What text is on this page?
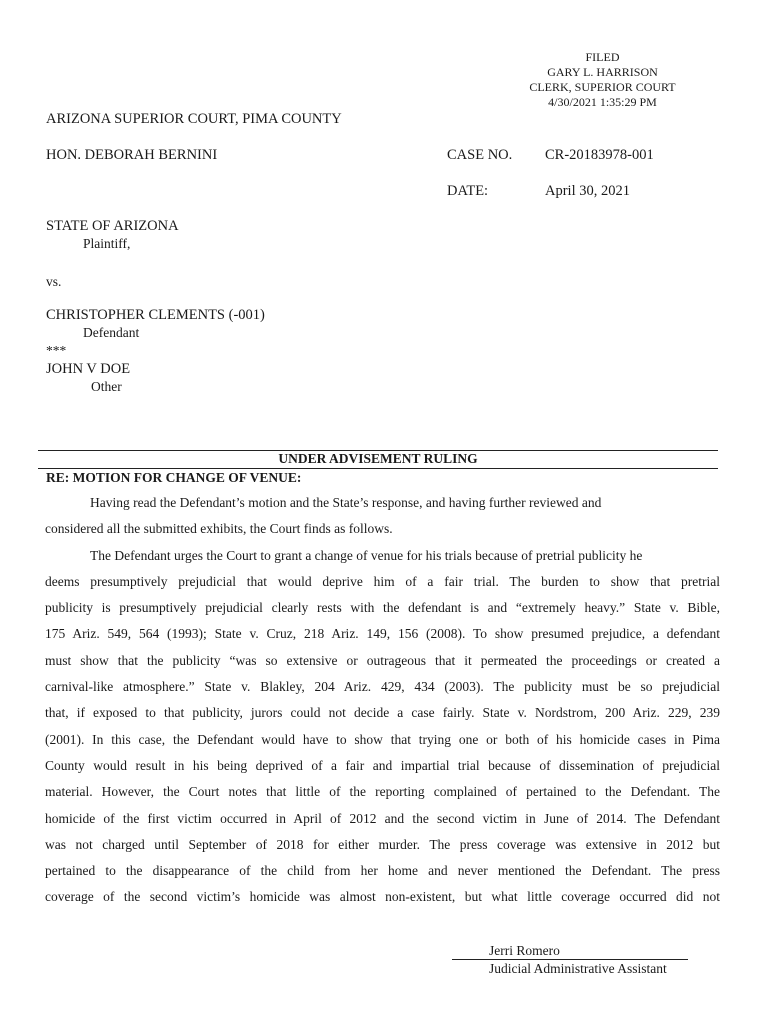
FILED
GARY L. HARRISON
CLERK, SUPERIOR COURT
4/30/2021 1:35:29 PM
ARIZONA SUPERIOR COURT, PIMA COUNTY
HON. DEBORAH BERNINI	CASE NO. CR-20183978-001
DATE:	April 30, 2021
STATE OF ARIZONA
Plaintiff,
vs.
CHRISTOPHER CLEMENTS (-001)
Defendant
***
JOHN V DOE
Other
UNDER ADVISEMENT RULING
RE: MOTION FOR CHANGE OF VENUE:
Having read the Defendant’s motion and the State’s response, and having further reviewed and
considered all the submitted exhibits, the Court finds as follows.
The Defendant urges the Court to grant a change of venue for his trials because of pretrial publicity he
deems presumptively prejudicial that would deprive him of a fair trial. The burden to show that pretrial
publicity is presumptively prejudicial clearly rests with the defendant is and “extremely heavy.” State v. Bible,
175 Ariz. 549, 564 (1993); State v. Cruz, 218 Ariz. 149, 156 (2008). To show presumed prejudice, a defendant
must show that the publicity “was so extensive or outrageous that it permeated the proceedings or created a
carnival-like atmosphere.” State v. Blakley, 204 Ariz. 429, 434 (2003). The publicity must be so prejudicial
that, if exposed to that publicity, jurors could not decide a case fairly. State v. Nordstrom, 200 Ariz. 229, 239
(2001). In this case, the Defendant would have to show that trying one or both of his homicide cases in Pima
County would result in his being deprived of a fair and impartial trial because of dissemination of prejudicial
material. However, the Court notes that little of the reporting complained of pertained to the Defendant. The
homicide of the first victim occurred in April of 2012 and the second victim in June of 2014. The Defendant
was not charged until September of 2018 for either murder. The press coverage was extensive in 2012 but
pertained to the disappearance of the child from her home and never mentioned the Defendant. The press
coverage of the second victim’s homicide was almost non-existent, but what little coverage occurred did not
Jerri Romero
Judicial Administrative Assistant
